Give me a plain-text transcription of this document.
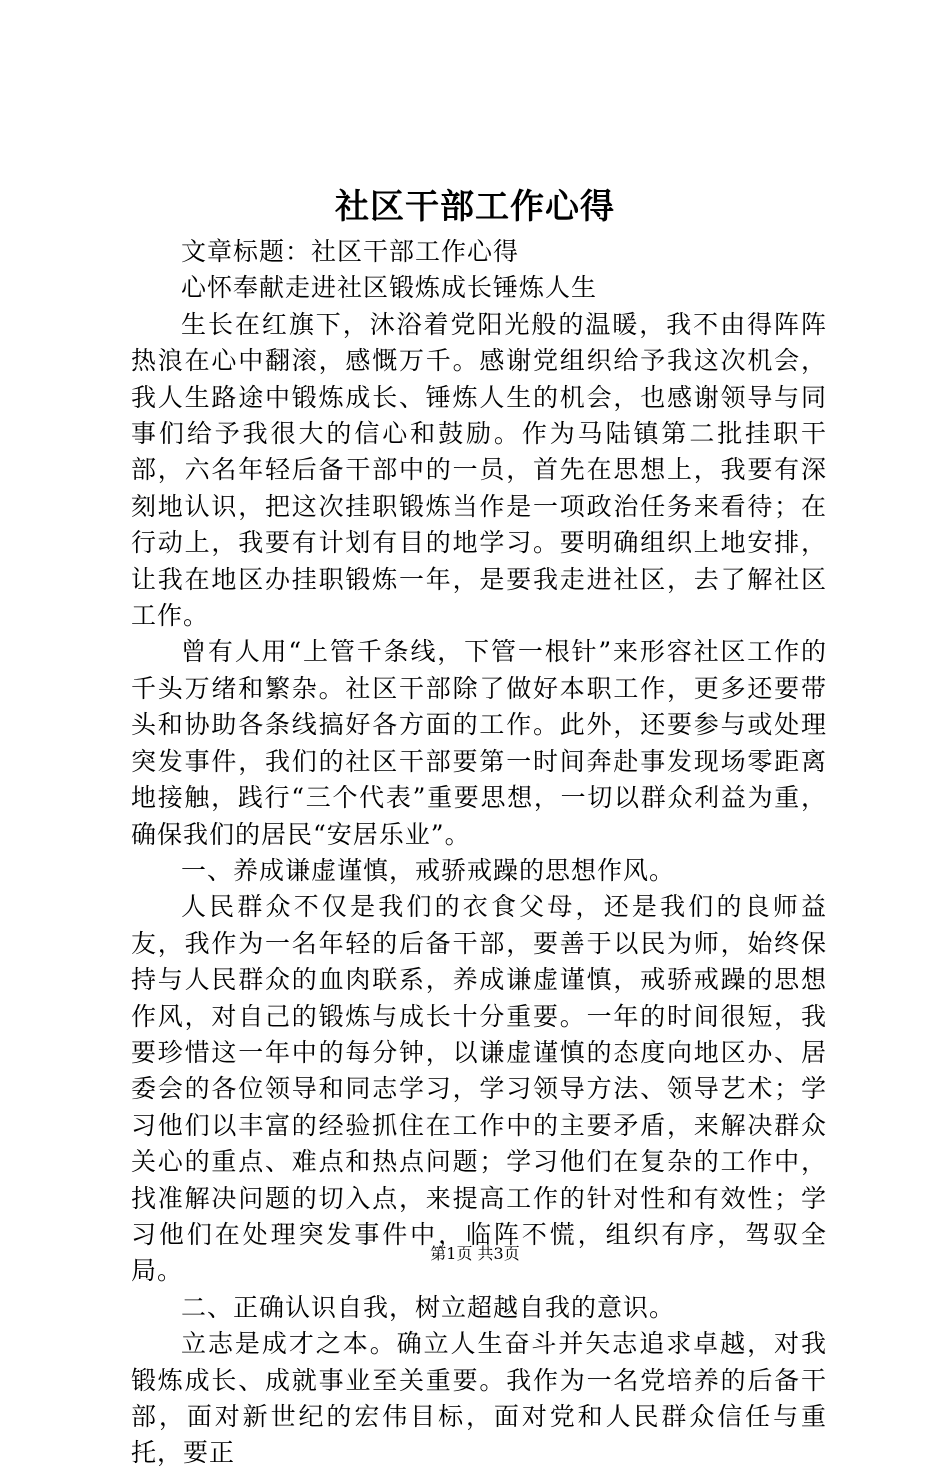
社区干部工作心得

文章标题：社区干部工作心得

心怀奉献走进社区锻炼成长锤炼人生

生长在红旗下，沐浴着党阳光般的温暖，我不由得阵阵热浪在心中翻滚，感慨万千。感谢党组织给予我这次机会，我人生路途中锻炼成长、锤炼人生的机会，也感谢领导与同事们给予我很大的信心和鼓励。作为马陆镇第二批挂职干部，六名年轻后备干部中的一员，首先在思想上，我要有深刻地认识，把这次挂职锻炼当作是一项政治任务来看待；在行动上，我要有计划有目的地学习。要明确组织上地安排，让我在地区办挂职锻炼一年，是要我走进社区，去了解社区工作。

曾有人用“上管千条线，下管一根针”来形容社区工作的千头万绪和繁杂。社区干部除了做好本职工作，更多还要带头和协助各条线搞好各方面的工作。此外，还要参与或处理突发事件，我们的社区干部要第一时间奔赴事发现场零距离地接触，践行“三个代表”重要思想，一切以群众利益为重，确保我们的居民“安居乐业”。

一、养成谦虚谨慎，戒骄戒躁的思想作风。

人民群众不仅是我们的衣食父母，还是我们的良师益友，我作为一名年轻的后备干部，要善于以民为师，始终保持与人民群众的血肉联系，养成谦虚谨慎，戒骄戒躁的思想作风，对自己的锻炼与成长十分重要。一年的时间很短，我要珍惜这一年中的每分钟，以谦虚谨慎的态度向地区办、居委会的各位领导和同志学习，学习领导方法、领导艺术；学习他们以丰富的经验抓住在工作中的主要矛盾，来解决群众关心的重点、难点和热点问题；学习他们在复杂的工作中，找准解决问题的切入点，来提高工作的针对性和有效性；学习他们在处理突发事件中，临阵不慌，组织有序，驾驭全局。

二、正确认识自我，树立超越自我的意识。

立志是成才之本。确立人生奋斗并矢志追求卓越，对我锻炼成长、成就事业至关重要。我作为一名党培养的后备干部，面对新世纪的宏伟目标，面对党和人民群众信任与重托，要正

第1页 共3页
